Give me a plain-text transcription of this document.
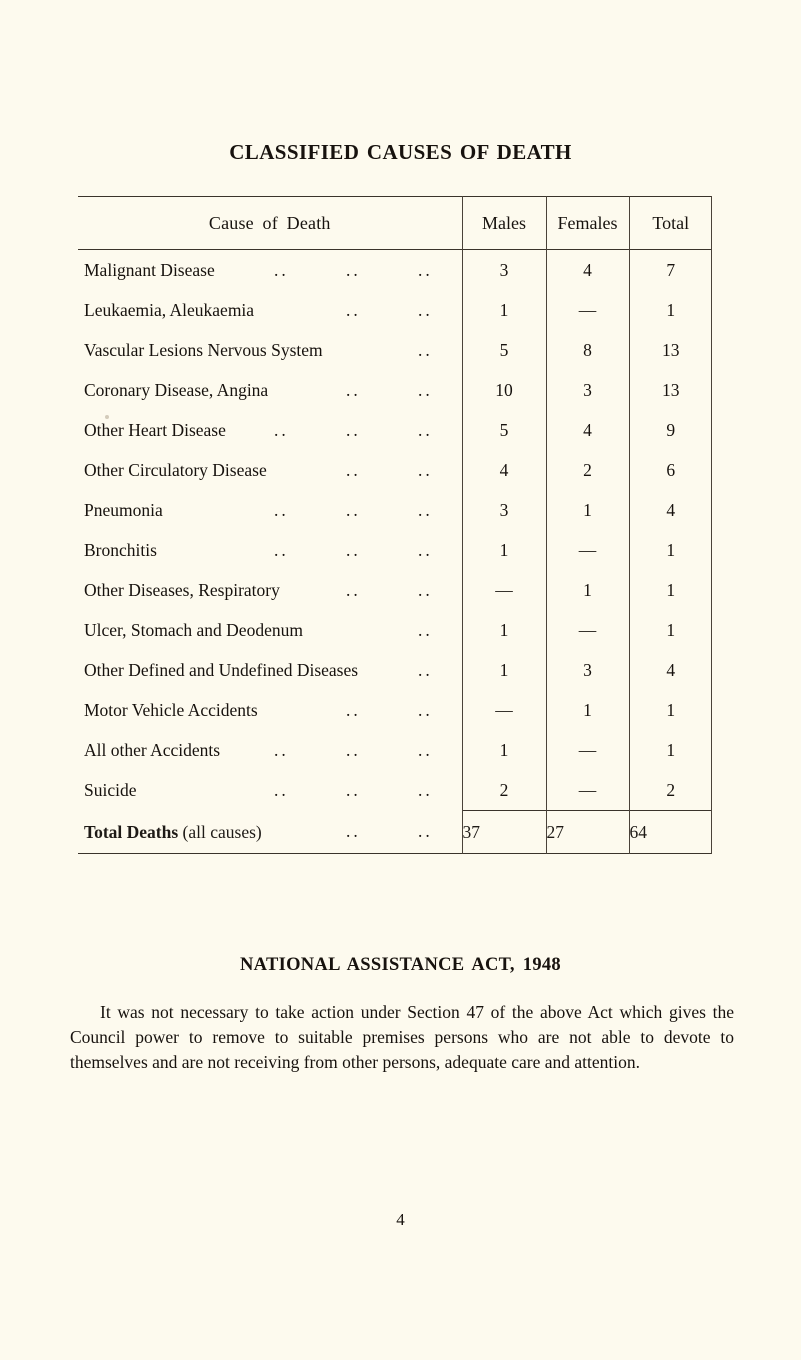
CLASSIFIED CAUSES OF DEATH

Cause of Death	Males	Females	Total

Malignant Disease .. .. ..	3	4	7
Leukaemia, Aleukaemia .. ..	1	—	1
Vascular Lesions Nervous System ..	5	8	13
Coronary Disease, Angina .. ..	10	3	13
Other Heart Disease .. .. ..	5	4	9
Other Circulatory Disease .. ..	4	2	6
Pneumonia .. .. ..	3	1	4
Bronchitis .. .. ..	1	—	1
Other Diseases, Respiratory .. ..	—	1	1
Ulcer, Stomach and Deodenum ..	1	—	1
Other Defined and Undefined Diseases ..	1	3	4
Motor Vehicle Accidents .. ..	—	1	1
All other Accidents .. .. ..	1	—	1
Suicide .. .. ..	2	—	2

Total Deaths (all causes) .. ..	37	27	64

NATIONAL ASSISTANCE ACT, 1948
It was not necessary to take action under Section 47 of the above Act which gives the Council power to remove to suitable premises persons who are not able to devote to themselves and are not receiving from other persons, adequate care and attention.
4
